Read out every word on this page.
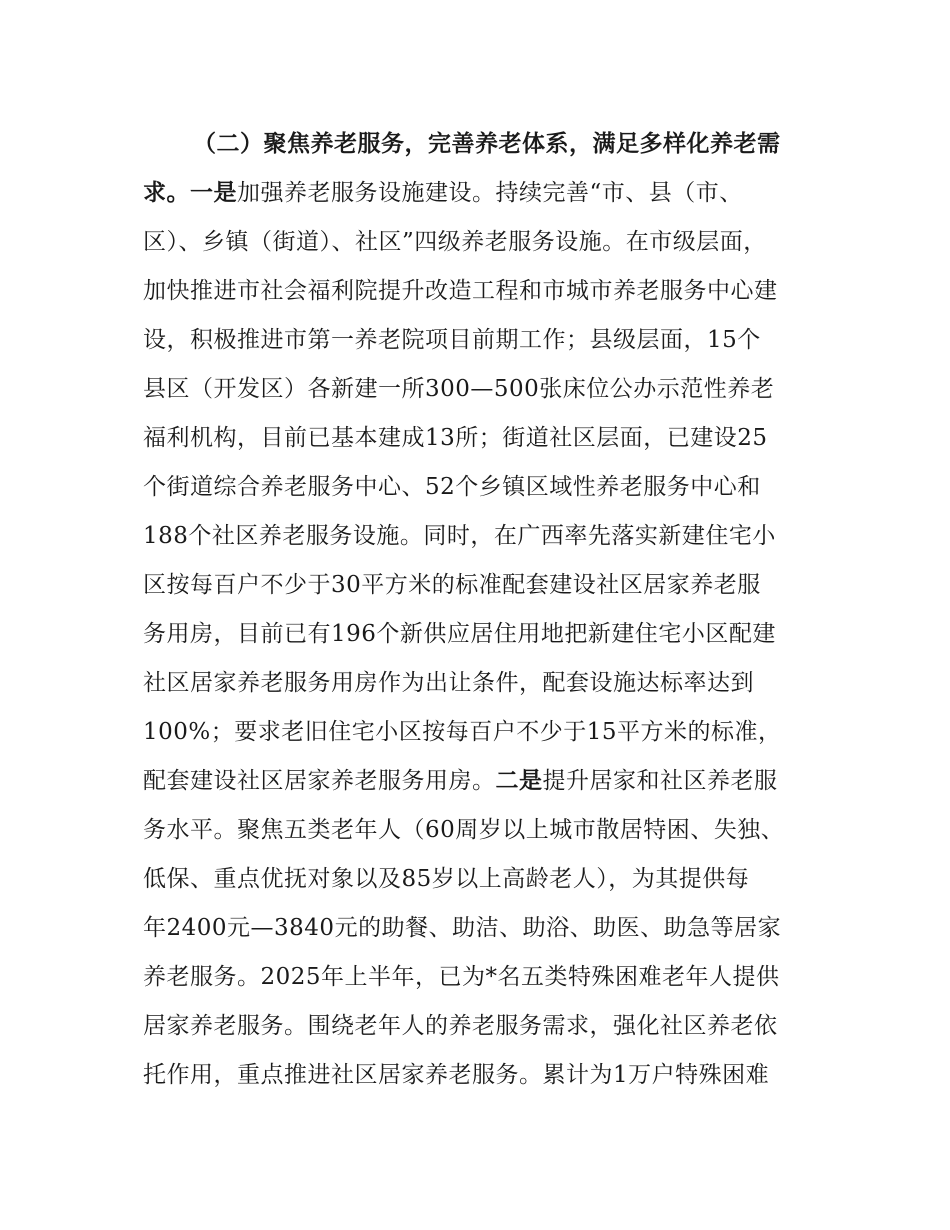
（二）聚焦养老服务，完善养老体系，满足多样化养老需
求。一是加强养老服务设施建设。持续完善“市、县（市、
区）、乡镇（街道）、社区”四级养老服务设施。在市级层面，
加快推进市社会福利院提升改造工程和市城市养老服务中心建
设，积极推进市第一养老院项目前期工作；县级层面，15个
县区（开发区）各新建一所300—500张床位公办示范性养老
福利机构，目前已基本建成13所；街道社区层面，已建设25
个街道综合养老服务中心、52个乡镇区域性养老服务中心和
188个社区养老服务设施。同时，在广西率先落实新建住宅小
区按每百户不少于30平方米的标准配套建设社区居家养老服
务用房，目前已有196个新供应居住用地把新建住宅小区配建
社区居家养老服务用房作为出让条件，配套设施达标率达到
100%；要求老旧住宅小区按每百户不少于15平方米的标准，
配套建设社区居家养老服务用房。二是提升居家和社区养老服
务水平。聚焦五类老年人（60周岁以上城市散居特困、失独、
低保、重点优抚对象以及85岁以上高龄老人），为其提供每
年2400元—3840元的助餐、助洁、助浴、助医、助急等居家
养老服务。2025年上半年，已为*名五类特殊困难老年人提供
居家养老服务。围绕老年人的养老服务需求，强化社区养老依
托作用，重点推进社区居家养老服务。累计为1万户特殊困难
